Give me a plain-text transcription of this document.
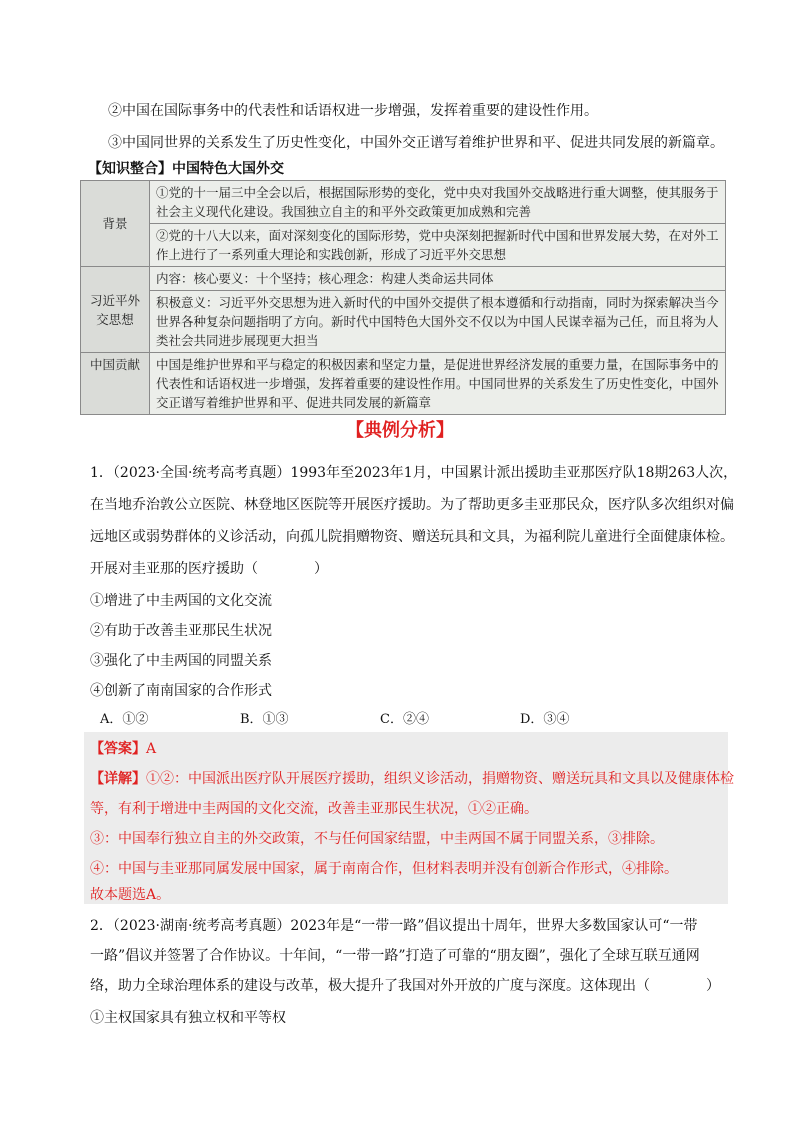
②中国在国际事务中的代表性和话语权进一步增强，发挥着重要的建设性作用。
③中国同世界的关系发生了历史性变化，中国外交正谱写着维护世界和平、促进共同发展的新篇章。
【知识整合】中国特色大国外交
背景	①党的十一届三中全会以后，根据国际形势的变化，党中央对我国外交战略进行重大调整，使其服务于社会主义现代化建设。我国独立自主的和平外交政策更加成熟和完善
	②党的十八大以来，面对深刻变化的国际形势，党中央深刻把握新时代中国和世界发展大势，在对外工作上进行了一系列重大理论和实践创新，形成了习近平外交思想
习近平外交思想	内容：核心要义：十个坚持；核心理念：构建人类命运共同体
	积极意义：习近平外交思想为进入新时代的中国外交提供了根本遵循和行动指南，同时为探索解决当今世界各种复杂问题指明了方向。新时代中国特色大国外交不仅以为中国人民谋幸福为己任，而且将为人类社会共同进步展现更大担当
中国贡献	中国是维护世界和平与稳定的积极因素和坚定力量，是促进世界经济发展的重要力量，在国际事务中的代表性和话语权进一步增强，发挥着重要的建设性作用。中国同世界的关系发生了历史性变化，中国外交正谱写着维护世界和平、促进共同发展的新篇章
【典例分析】
1．（2023·全国·统考高考真题）1993年至2023年1月，中国累计派出援助圭亚那医疗队18期263人次，
在当地乔治敦公立医院、林登地区医院等开展医疗援助。为了帮助更多圭亚那民众，医疗队多次组织对偏
远地区或弱势群体的义诊活动，向孤儿院捐赠物资、赠送玩具和文具，为福利院儿童进行全面健康体检。
开展对圭亚那的医疗援助（　　　　）
①增进了中圭两国的文化交流
②有助于改善圭亚那民生状况
③强化了中圭两国的同盟关系
④创新了南南国家的合作形式
A．①②	B．①③	C．②④	D．③④
【答案】A
【详解】①②：中国派出医疗队开展医疗援助，组织义诊活动，捐赠物资、赠送玩具和文具以及健康体检
等，有利于增进中圭两国的文化交流，改善圭亚那民生状况，①②正确。
③：中国奉行独立自主的外交政策，不与任何国家结盟，中圭两国不属于同盟关系，③排除。
④：中国与圭亚那同属发展中国家，属于南南合作，但材料表明并没有创新合作形式，④排除。
故本题选A。
2．（2023·湖南·统考高考真题）2023年是“一带一路”倡议提出十周年，世界大多数国家认可“一带
一路”倡议并签署了合作协议。十年间，“一带一路”打造了可靠的“朋友圈”，强化了全球互联互通网
络，助力全球治理体系的建设与改革，极大提升了我国对外开放的广度与深度。这体现出（　　　　）
①主权国家具有独立权和平等权
